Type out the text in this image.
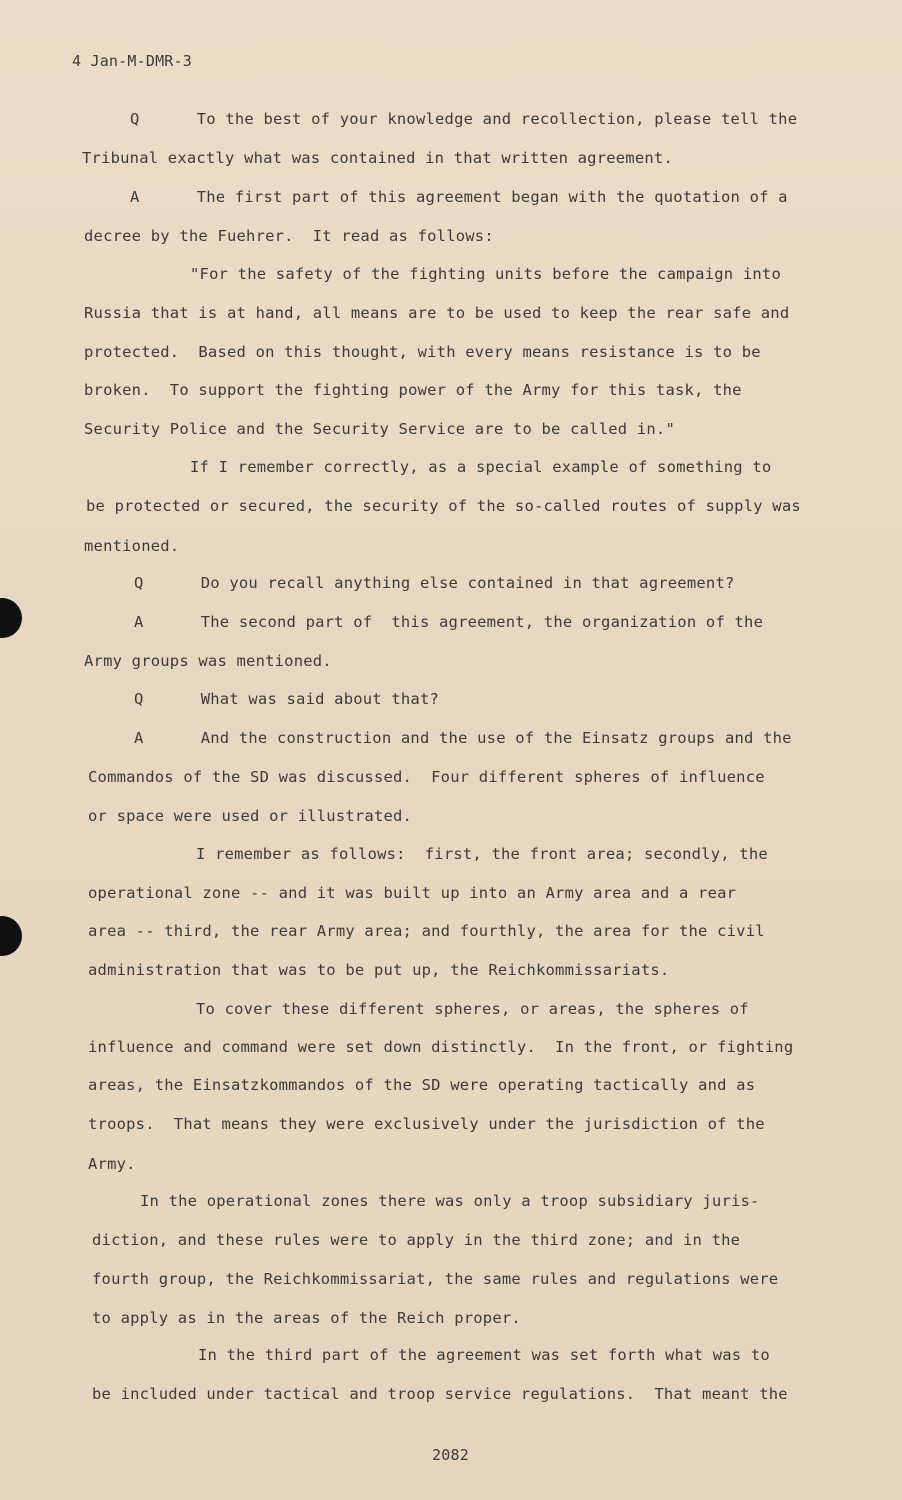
4 Jan-M-DMR-3
Q      To the best of your knowledge and recollection, please tell the
Tribunal exactly what was contained in that written agreement.
A      The first part of this agreement began with the quotation of a
decree by the Fuehrer.  It read as follows:
"For the safety of the fighting units before the campaign into
Russia that is at hand, all means are to be used to keep the rear safe and
protected.  Based on this thought, with every means resistance is to be
broken.  To support the fighting power of the Army for this task, the
Security Police and the Security Service are to be called in."
If I remember correctly, as a special example of something to
be protected or secured, the security of the so-called routes of supply was
mentioned.
Q      Do you recall anything else contained in that agreement?
A      The second part of  this agreement, the organization of the
Army groups was mentioned.
Q      What was said about that?
A      And the construction and the use of the Einsatz groups and the
Commandos of the SD was discussed.  Four different spheres of influence
or space were used or illustrated.
I remember as follows:  first, the front area; secondly, the
operational zone -- and it was built up into an Army area and a rear
area -- third, the rear Army area; and fourthly, the area for the civil
administration that was to be put up, the Reichkommissariats.
To cover these different spheres, or areas, the spheres of
influence and command were set down distinctly.  In the front, or fighting
areas, the Einsatzkommandos of the SD were operating tactically and as
troops.  That means they were exclusively under the jurisdiction of the
Army.
In the operational zones there was only a troop subsidiary juris-
diction, and these rules were to apply in the third zone; and in the
fourth group, the Reichkommissariat, the same rules and regulations were
to apply as in the areas of the Reich proper.
In the third part of the agreement was set forth what was to
be included under tactical and troop service regulations.  That meant the
2082
